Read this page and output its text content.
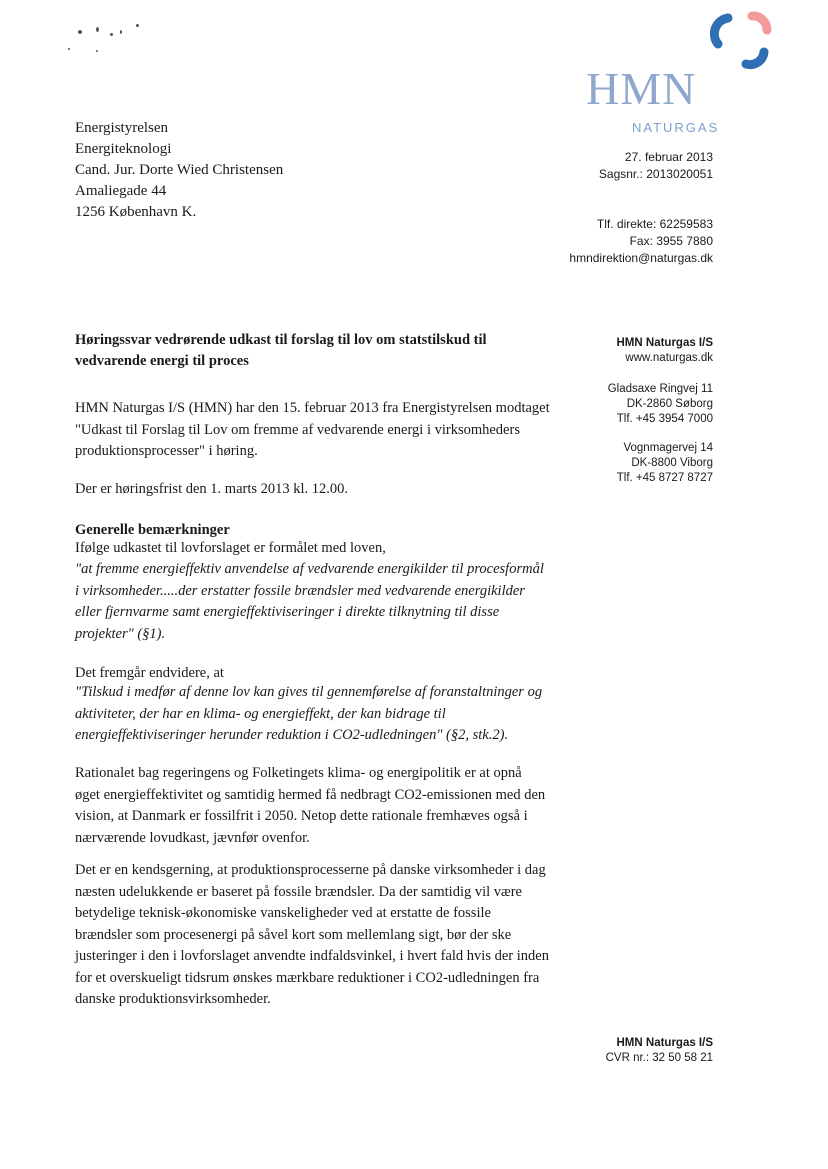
HMN
NATURGAS
Energistyrelsen
Energiteknologi
Cand. Jur. Dorte Wied Christensen
Amaliegade 44
1256 København K.
27. februar 2013
Sagsnr.: 2013020051
Tlf. direkte: 62259583
Fax: 3955 7880
hmndirektion@naturgas.dk
Høringssvar vedrørende udkast til forslag til lov om statstilskud til vedvarende energi til proces
HMN Naturgas I/S (HMN) har den 15. februar 2013 fra Energistyrelsen modtaget "Udkast til Forslag til Lov om fremme af vedvarende energi i virksomheders produktionsprocesser" i høring.
Der er høringsfrist den 1. marts 2013 kl. 12.00.
Generelle bemærkninger
Ifølge udkastet til lovforslaget er formålet med loven,
"at fremme energieffektiv anvendelse af vedvarende energikilder til procesformål i virksomheder.....der erstatter fossile brændsler med vedvarende energikilder eller fjernvarme samt energieffektiviseringer i direkte tilknytning til disse projekter" (§1).
Det fremgår endvidere, at
"Tilskud i medfør af denne lov kan gives til gennemførelse af foranstaltninger og aktiviteter, der har en klima- og energieffekt, der kan bidrage til energieffektiviseringer herunder reduktion i CO2-udledningen" (§2, stk.2).
Rationalet bag regeringens og Folketingets klima- og energipolitik er at opnå øget energieffektivitet og samtidig hermed få nedbragt CO2-emissionen med den vision, at Danmark er fossilfrit i 2050. Netop dette rationale fremhæves også i nærværende lovudkast, jævnfør ovenfor.
Det er en kendsgerning, at produktionsprocesserne på danske virksomheder i dag næsten udelukkende er baseret på fossile brændsler. Da der samtidig vil være betydelige teknisk-økonomiske vanskeligheder ved at erstatte de fossile brændsler som procesenergi på såvel kort som mellemlang sigt, bør der ske justeringer i den i lovforslaget anvendte indfaldsvinkel, i hvert fald hvis der inden for et overskueligt tidsrum ønskes mærkbare reduktioner i CO2-udledningen fra danske produktionsvirksomheder.
HMN Naturgas I/S
www.naturgas.dk
Gladsaxe Ringvej 11
DK-2860 Søborg
Tlf. +45 3954 7000
Vognmagervej 14
DK-8800 Viborg
Tlf. +45 8727 8727
HMN Naturgas I/S
CVR nr.: 32 50 58 21
